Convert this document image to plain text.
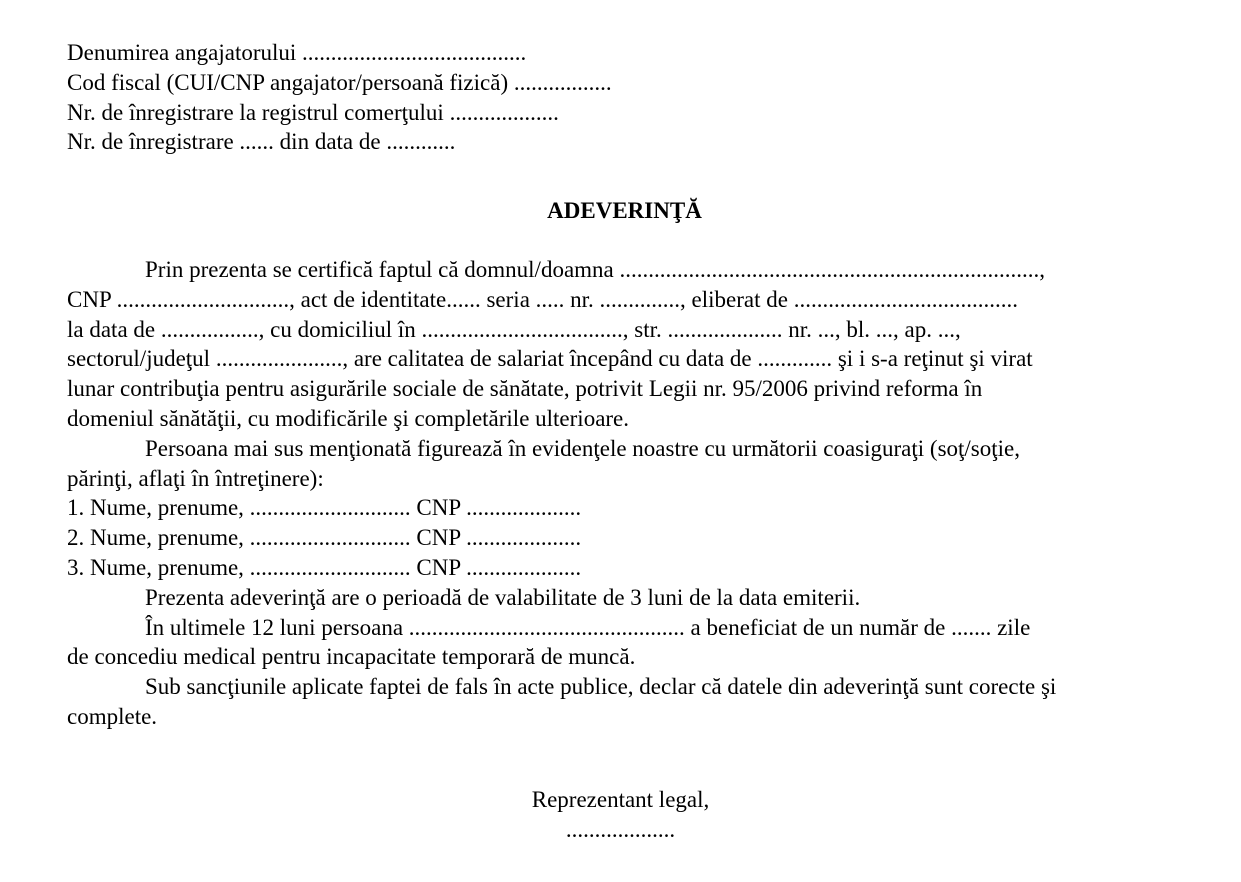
Denumirea angajatorului .......................................
Cod fiscal (CUI/CNP angajator/persoană fizică) .................
Nr. de înregistrare la registrul comerţului ...................
Nr. de înregistrare ...... din data de ............
ADEVERINŢĂ
Prin prezenta se certifică faptul că domnul/doamna .........................................................................,
CNP .............................., act de identitate...... seria ..... nr. .............., eliberat de .......................................
la data de ................., cu domiciliul în ..................................., str. .................... nr. ..., bl. ..., ap. ...,
sectorul/judeţul ......................, are calitatea de salariat începând cu data de ............. şi i s-a reţinut şi virat
lunar contribuţia pentru asigurările sociale de sănătate, potrivit Legii nr. 95/2006 privind reforma în
domeniul sănătăţii, cu modificările şi completările ulterioare.
Persoana mai sus menţionată figurează în evidenţele noastre cu următorii coasiguraţi (soţ/soţie,
părinţi, aflaţi în întreţinere):
1. Nume, prenume, ............................ CNP ....................
2. Nume, prenume, ............................ CNP ....................
3. Nume, prenume, ............................ CNP ....................
Prezenta adeverinţă are o perioadă de valabilitate de 3 luni de la data emiterii.
În ultimele 12 luni persoana ................................................ a beneficiat de un număr de ....... zile
de concediu medical pentru incapacitate temporară de muncă.
Sub sancţiunile aplicate faptei de fals în acte publice, declar că datele din adeverinţă sunt corecte şi
complete.
Reprezentant legal,
...................
